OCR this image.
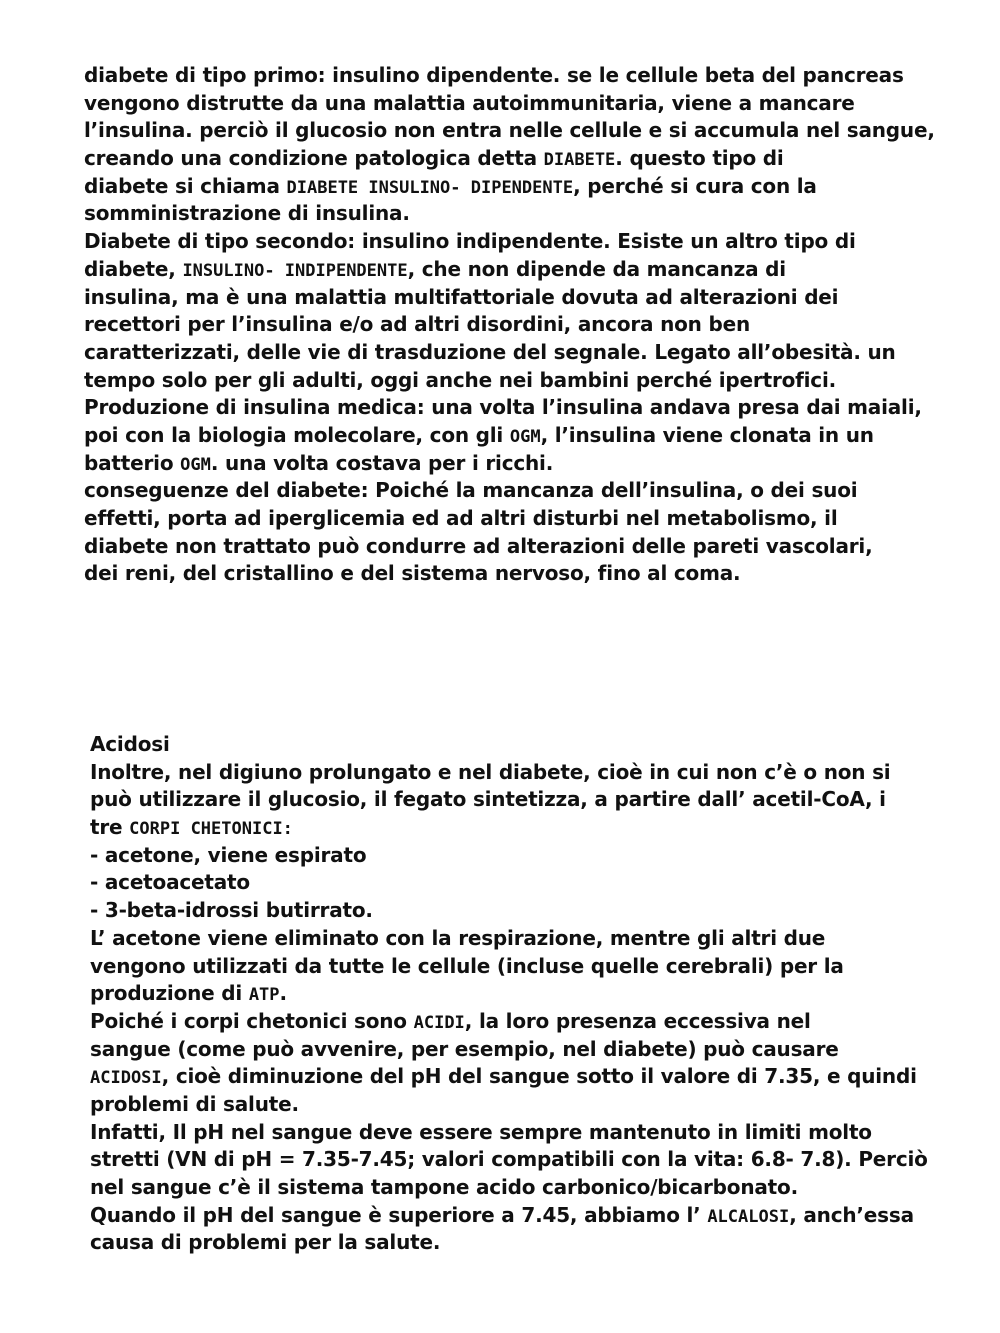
diabete di tipo primo: insulino dipendente. se le cellule beta del pancreas
vengono distrutte da una malattia autoimmunitaria, viene a mancare
l’insulina. perciò il glucosio non entra nelle cellule e si accumula nel sangue,
creando una condizione patologica detta DIABETE. questo tipo di
diabete si chiama DIABETE INSULINO- DIPENDENTE, perché si cura con la
somministrazione di insulina.
Diabete di tipo secondo: insulino indipendente. Esiste un altro tipo di
diabete, INSULINO- INDIPENDENTE, che non dipende da mancanza di
insulina, ma è una malattia multifattoriale dovuta ad alterazioni dei
recettori per l’insulina e/o ad altri disordini, ancora non ben
caratterizzati, delle vie di trasduzione del segnale. Legato all’obesità. un
tempo solo per gli adulti, oggi anche nei bambini perché ipertrofici.
Produzione di insulina medica: una volta l’insulina andava presa dai maiali,
poi con la biologia molecolare, con gli OGM, l’insulina viene clonata in un
batterio OGM. una volta costava per i ricchi.
conseguenze del diabete: Poiché la mancanza dell’insulina, o dei suoi
effetti, porta ad iperglicemia ed ad altri disturbi nel metabolismo, il
diabete non trattato può condurre ad alterazioni delle pareti vascolari,
dei reni, del cristallino e del sistema nervoso, fino al coma.
Acidosi
Inoltre, nel digiuno prolungato e nel diabete, cioè in cui non c’è o non si
può utilizzare il glucosio, il fegato sintetizza, a partire dall’ acetil-CoA, i
tre CORPI CHETONICI:
- acetone, viene espirato
- acetoacetato
- 3-beta-idrossi butirrato.
L’ acetone viene eliminato con la respirazione, mentre gli altri due
vengono utilizzati da tutte le cellule (incluse quelle cerebrali) per la
produzione di ATP.
Poiché i corpi chetonici sono ACIDI, la loro presenza eccessiva nel
sangue (come può avvenire, per esempio, nel diabete) può causare
ACIDOSI, cioè diminuzione del pH del sangue sotto il valore di 7.35, e quindi
problemi di salute.
Infatti, Il pH nel sangue deve essere sempre mantenuto in limiti molto
stretti (VN di pH = 7.35-7.45; valori compatibili con la vita: 6.8- 7.8). Perciò
nel sangue c’è il sistema tampone acido carbonico/bicarbonato.
Quando il pH del sangue è superiore a 7.45, abbiamo l’ ALCALOSI, anch’essa
causa di problemi per la salute.
